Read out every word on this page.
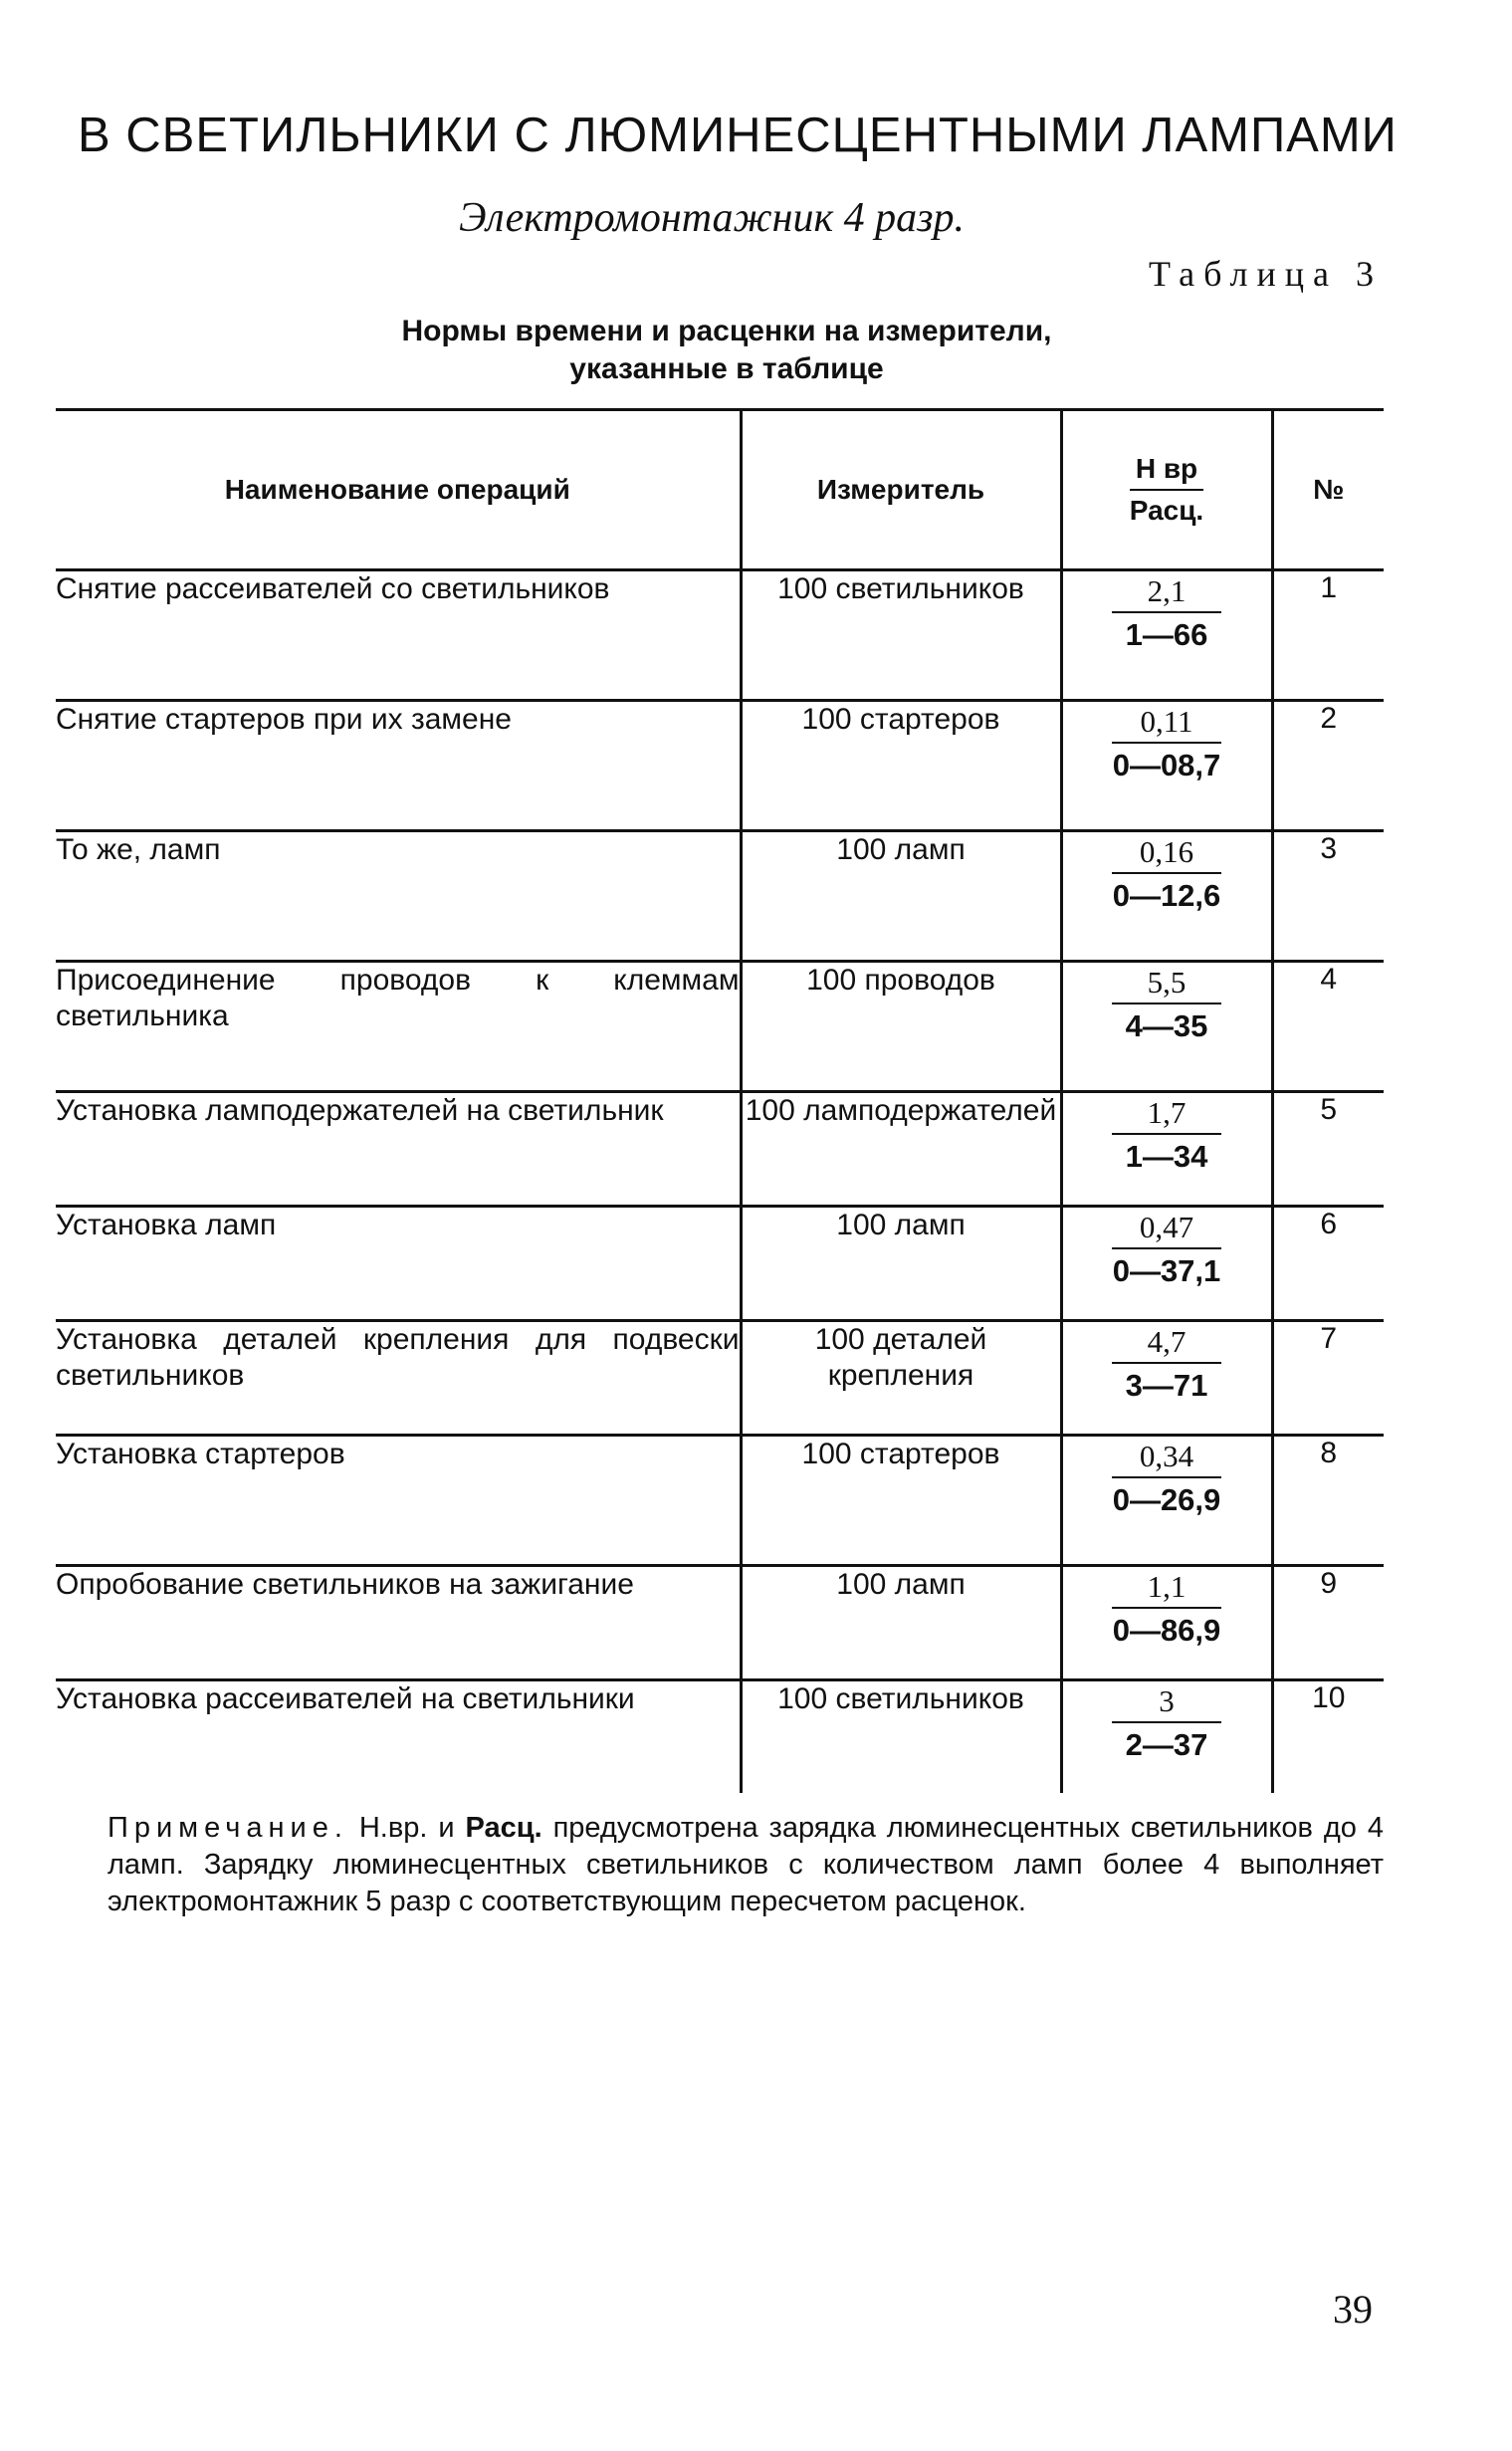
В СВЕТИЛЬНИКИ С ЛЮМИНЕСЦЕНТНЫМИ ЛАМПАМИ
Электромонтажник 4 разр.
Таблица 3
Нормы времени и расценки на измерители,
указанные в таблице
Наименование операций	Измеритель	$\frac{\text{Н вр}}{\text{Расц.}}$	№
Снятие рассеивателей со светильников	100 светильников	$\frac{2,1}{1—66}$	1
Снятие стартеров при их замене	100 стартеров	$\frac{0,11}{0—08,7}$	2
То же, ламп	100 ламп	$\frac{0,16}{0—12,6}$	3
Присоединение проводов к клеммам светильника	100 проводов	$\frac{5,5}{4—35}$	4
Установка ламподержателей на светильник	100 ламподержателей	$\frac{1,7}{1—34}$	5
Установка ламп	100 ламп	$\frac{0,47}{0—37,1}$	6
Установка деталей крепления для подвески светильников	100 деталей крепления	$\frac{4,7}{3—71}$	7
Установка стартеров	100 стартеров	$\frac{0,34}{0—26,9}$	8
Опробование светильников на зажигание	100 ламп	$\frac{1,1}{0—86,9}$	9
Установка рассеивателей на светильники	100 светильников	$\frac{3}{2—37}$	10
Примечание. Н.вр. и Расц. предусмотрена зарядка люминесцентных светильников до 4 ламп. Зарядку люминесцентных светильников с количеством ламп более 4 выполняет электромонтажник 5 разр с соответствующим пересчетом расценок.
39
